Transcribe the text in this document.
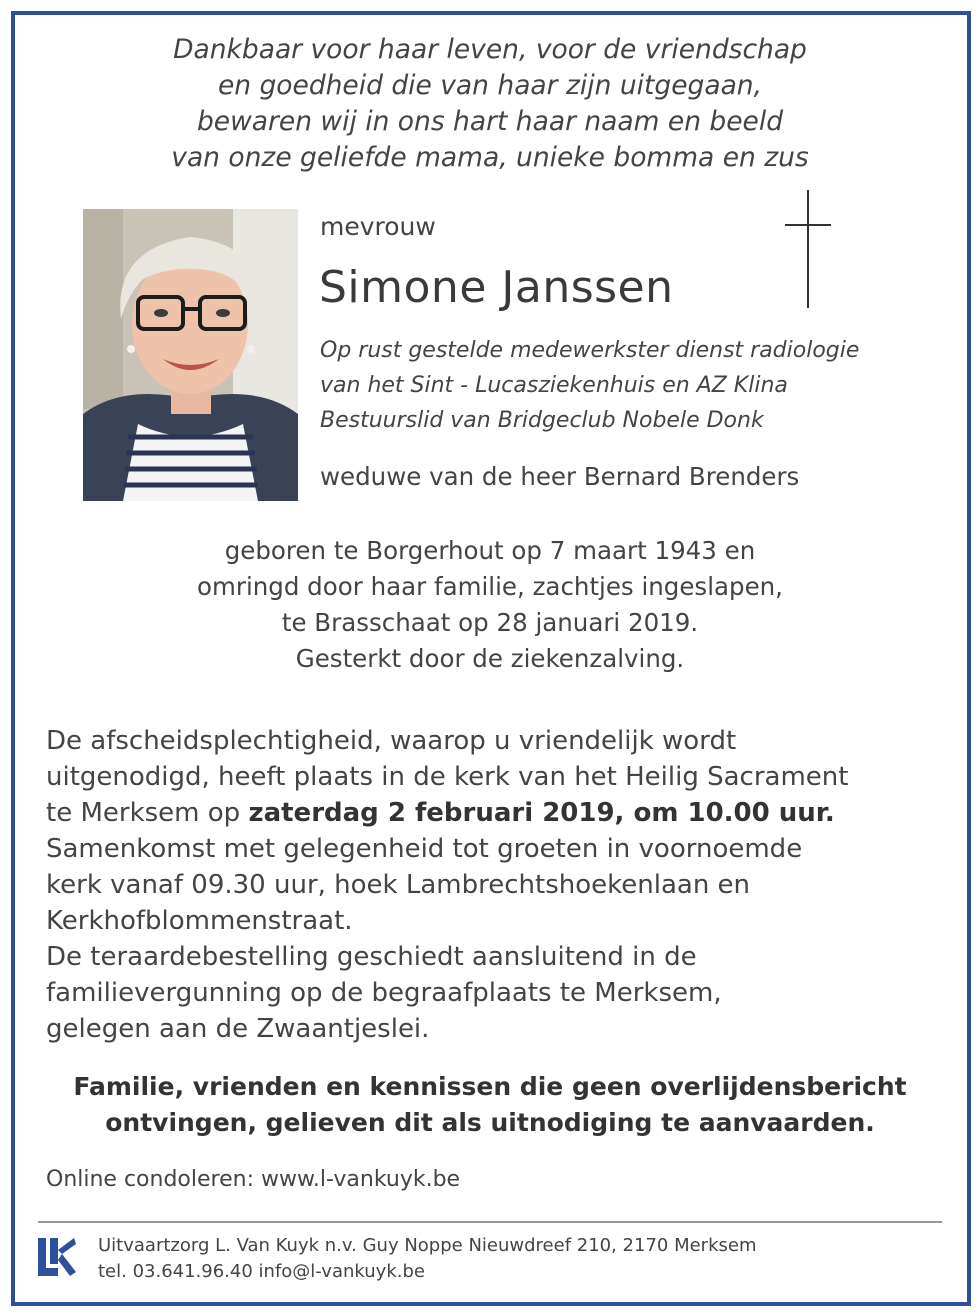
Dankbaar voor haar leven, voor de vriendschap
en goedheid die van haar zijn uitgegaan,
bewaren wij in ons hart haar naam en beeld
van onze geliefde mama, unieke bomma en zus
mevrouw
Simone Janssen
Op rust gestelde medewerkster dienst radiologie
van het Sint - Lucasziekenhuis en AZ Klina
Bestuurslid van Bridgeclub Nobele Donk
weduwe van de heer Bernard Brenders
geboren te Borgerhout op 7 maart 1943 en
omringd door haar familie, zachtjes ingeslapen,
te Brasschaat op 28 januari 2019.
Gesterkt door de ziekenzalving.
De afscheidsplechtigheid, waarop u vriendelijk wordt
uitgenodigd, heeft plaats in de kerk van het Heilig Sacrament
te Merksem op zaterdag 2 februari 2019, om 10.00 uur.
Samenkomst met gelegenheid tot groeten in voornoemde
kerk vanaf 09.30 uur, hoek Lambrechtshoekenlaan en
Kerkhofblommenstraat.
De teraardebestelling geschiedt aansluitend in de
familievergunning op de begraafplaats te Merksem,
gelegen aan de Zwaantjeslei.
Familie, vrienden en kennissen die geen overlijdensbericht
ontvingen, gelieven dit als uitnodiging te aanvaarden.
Online condoleren: www.l-vankuyk.be
Uitvaartzorg L. Van Kuyk n.v. Guy Noppe Nieuwdreef 210, 2170 Merksem
tel. 03.641.96.40 info@l-vankuyk.be
